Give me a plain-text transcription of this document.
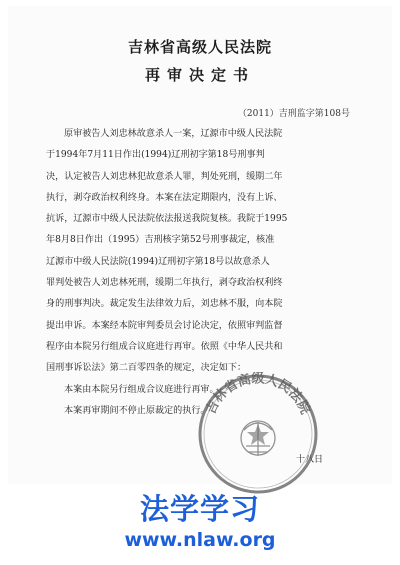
吉林省高级人民法院
再审决定书
（2011）吉刑监字第108号
原审被告人刘忠林故意杀人一案，辽源市中级人民法院
于1994年7月11日作出(1994)辽刑初字第18号刑事判
决，认定被告人刘忠林犯故意杀人罪，判处死刑，缓期二年
执行，剥夺政治权利终身。本案在法定期限内，没有上诉、
抗诉，辽源市中级人民法院依法报送我院复核。我院于1995
年8月8日作出（1995）吉刑核字第52号刑事裁定，核准
辽源市中级人民法院(1994)辽刑初字第18号以故意杀人
罪判处被告人刘忠林死刑，缓期二年执行，剥夺政治权利终
身的刑事判决。裁定发生法律效力后，刘忠林不服，向本院
提出申诉。本案经本院审判委员会讨论决定，依照审判监督
程序由本院另行组成合议庭进行再审。依照《中华人民共和
国刑事诉讼法》第二百零四条的规定，决定如下：
本案由本院另行组成合议庭进行再审。
本案再审期间不停止原裁定的执行。
吉林省高级人民法院
十八日
法学学习
www.nlaw.org
